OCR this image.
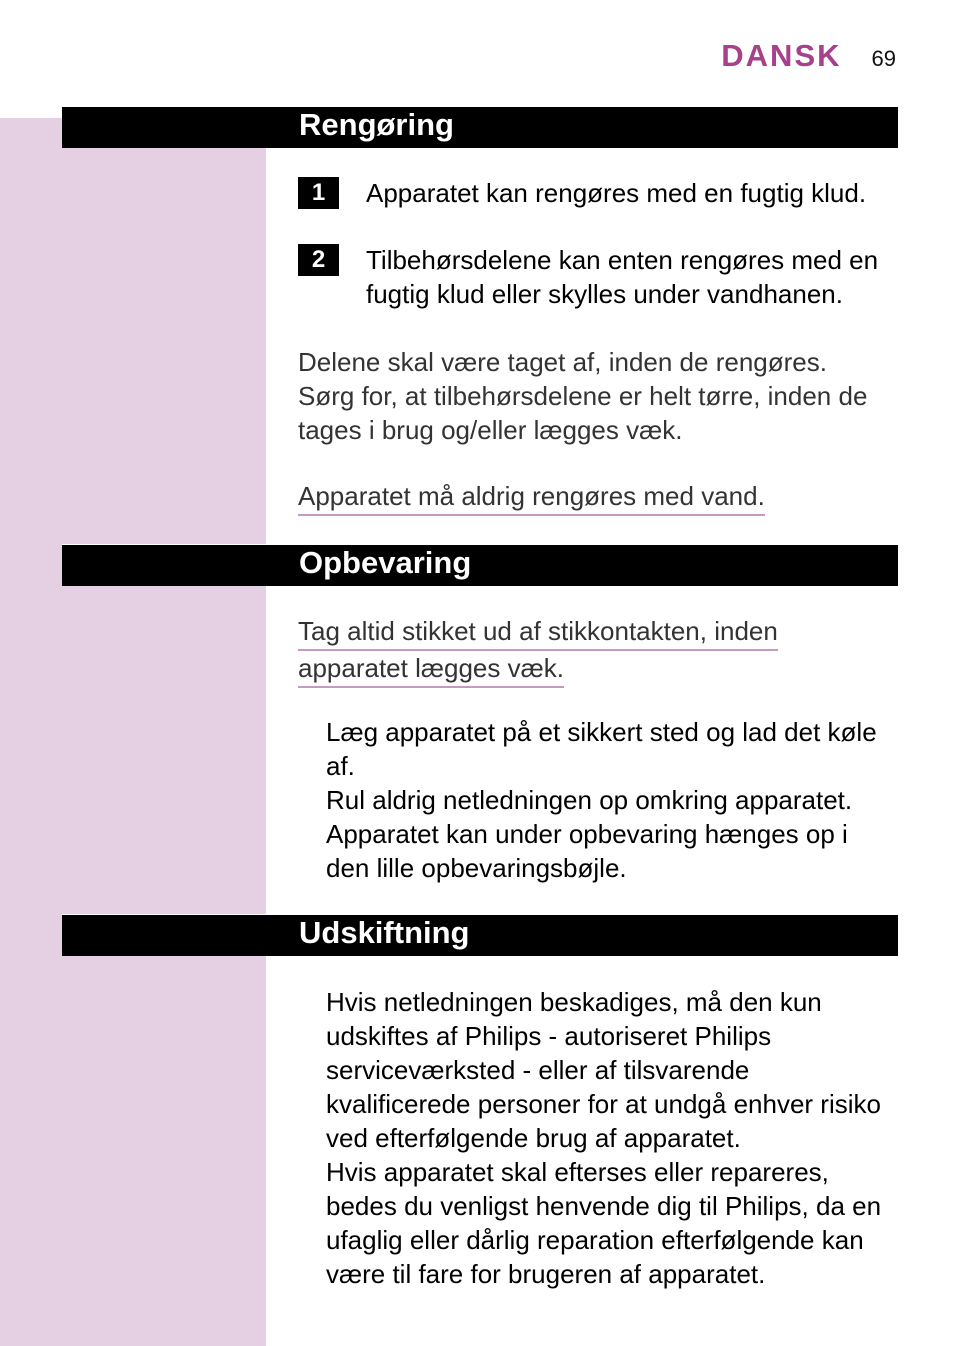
DANSK 69
Rengøring
1	Apparatet kan rengøres med en fugtig klud.
2	Tilbehørsdelene kan enten rengøres med en fugtig klud eller skylles under vandhanen.
Delene skal være taget af, inden de rengøres.
Sørg for, at tilbehørsdelene er helt tørre, inden de tages i brug og/eller lægges væk.
Apparatet må aldrig rengøres med vand.
Opbevaring
Tag altid stikket ud af stikkontakten, inden
apparatet lægges væk.
Læg apparatet på et sikkert sted og lad det køle af.
Rul aldrig netledningen op omkring apparatet.
Apparatet kan under opbevaring hænges op i den lille opbevaringsbøjle.
Udskiftning
Hvis netledningen beskadiges, må den kun udskiftes af Philips - autoriseret Philips serviceværksted - eller af tilsvarende kvalificerede personer for at undgå enhver risiko ved efterfølgende brug af apparatet.
Hvis apparatet skal efterses eller repareres, bedes du venligst henvende dig til Philips, da en ufaglig eller dårlig reparation efterfølgende kan være til fare for brugeren af apparatet.
